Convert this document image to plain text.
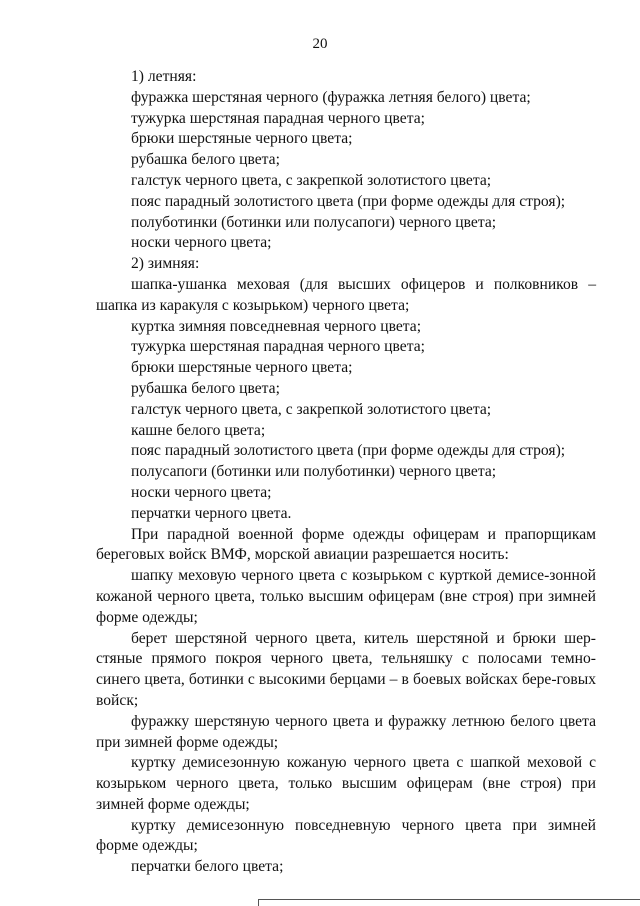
20
1) летняя:
фуражка шерстяная черного (фуражка летняя белого) цвета;
тужурка шерстяная парадная черного цвета;
брюки шерстяные черного цвета;
рубашка белого цвета;
галстук черного цвета, с закрепкой золотистого цвета;
пояс парадный золотистого цвета (при форме одежды для строя);
полуботинки (ботинки или полусапоги) черного цвета;
носки черного цвета;
2) зимняя:
шапка-ушанка меховая (для высших офицеров и полковников –
шапка из каракуля с козырьком) черного цвета;
куртка зимняя повседневная черного цвета;
тужурка шерстяная парадная черного цвета;
брюки шерстяные черного цвета;
рубашка белого цвета;
галстук черного цвета, с закрепкой золотистого цвета;
кашне белого цвета;
пояс парадный золотистого цвета (при форме одежды для строя);
полусапоги (ботинки или полуботинки) черного цвета;
носки черного цвета;
перчатки черного цвета.
При парадной военной форме одежды офицерам и прапорщикам береговых войск ВМФ, морской авиации разрешается носить:
шапку меховую черного цвета с козырьком с курткой демисе-зонной кожаной черного цвета, только высшим офицерам (вне строя) при зимней форме одежды;
берет шерстяной черного цвета, китель шерстяной и брюки шер-стяные прямого покроя черного цвета, тельняшку с полосами темно-синего цвета, ботинки с высокими берцами – в боевых войсках бере-говых войск;
фуражку шерстяную черного цвета и фуражку летнюю белого цвета при зимней форме одежды;
куртку демисезонную кожаную черного цвета с шапкой меховой с козырьком черного цвета, только высшим офицерам (вне строя) при зимней форме одежды;
куртку демисезонную повседневную черного цвета при зимней форме одежды;
перчатки белого цвета;
